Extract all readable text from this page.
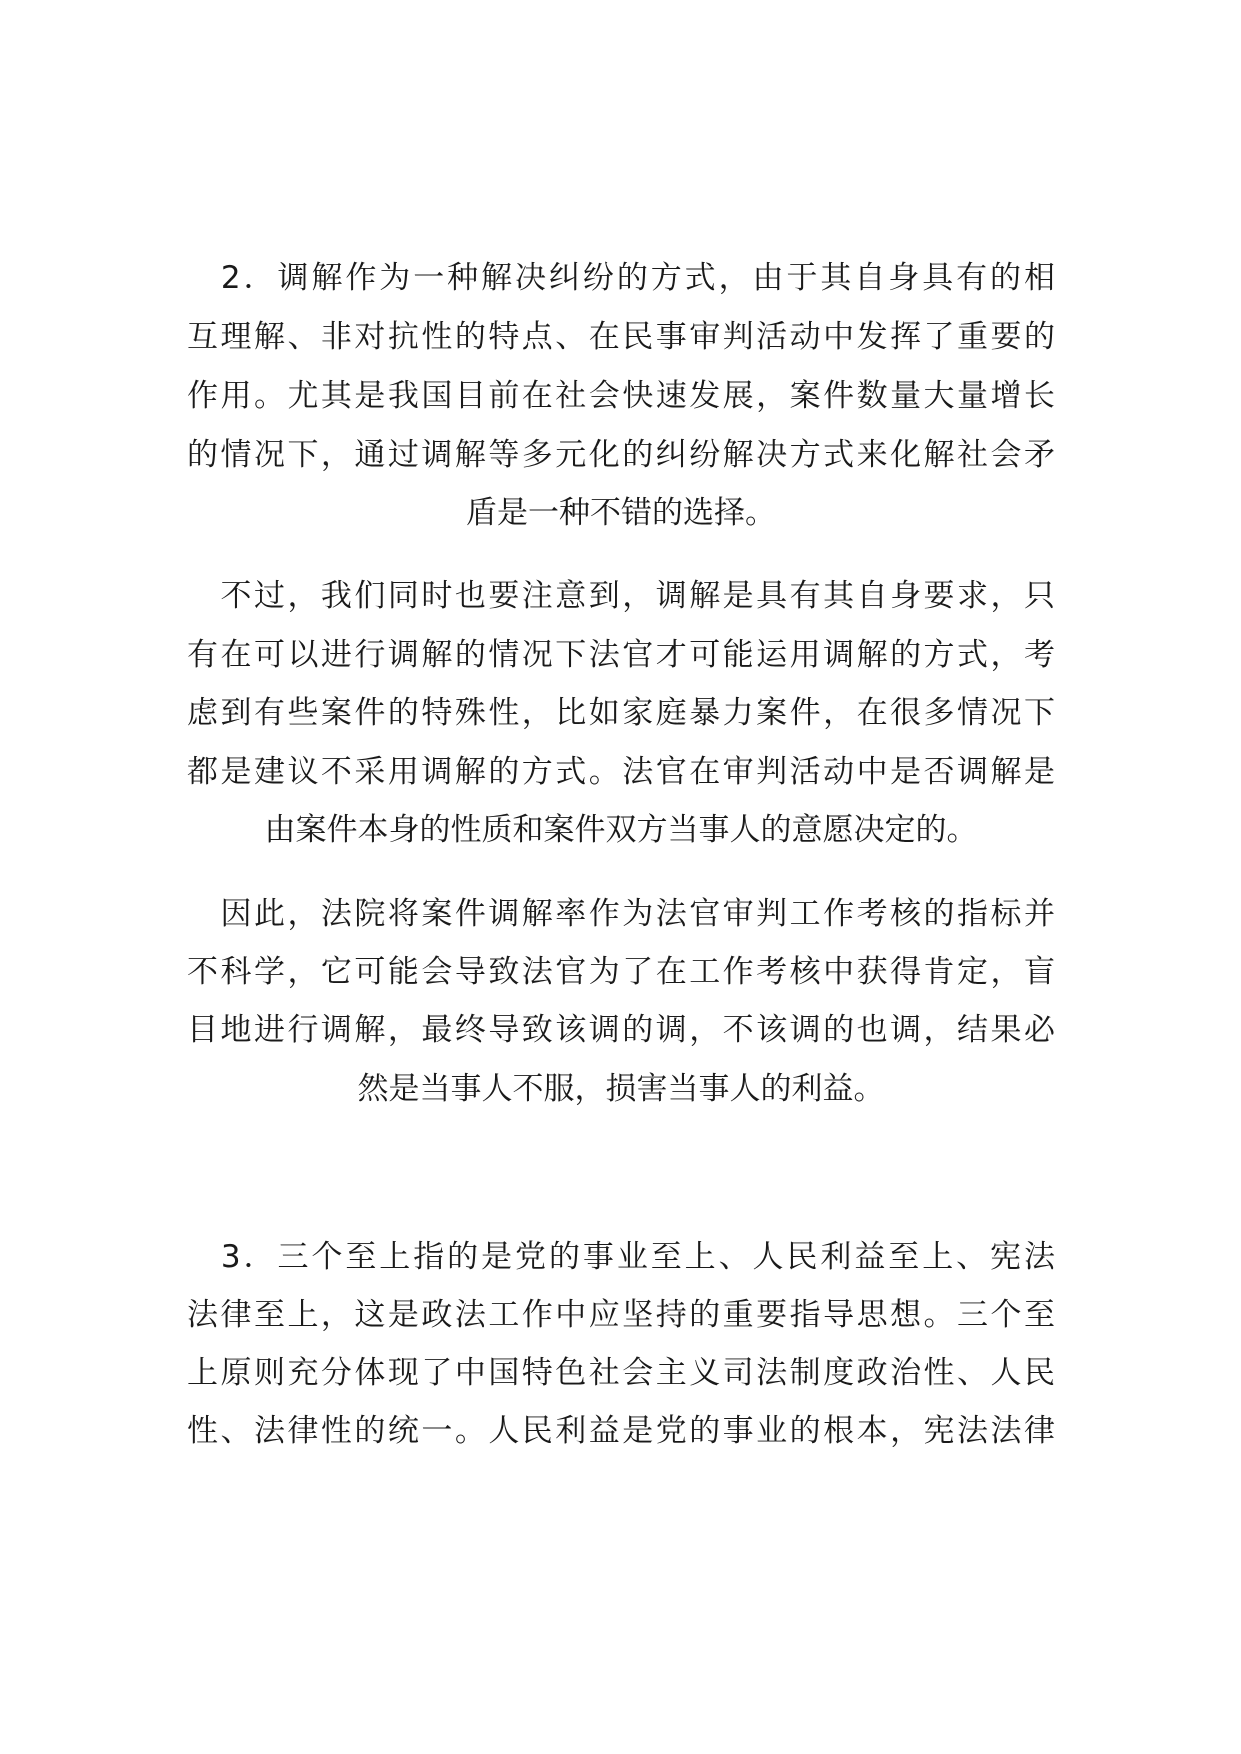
　2．调解作为一种解决纠纷的方式，由于其自身具有的相
互理解、非对抗性的特点、在民事审判活动中发挥了重要的
作用。尤其是我国目前在社会快速发展，案件数量大量增长
的情况下，通过调解等多元化的纠纷解决方式来化解社会矛
盾是一种不错的选择。
　不过，我们同时也要注意到，调解是具有其自身要求，只
有在可以进行调解的情况下法官才可能运用调解的方式，考
虑到有些案件的特殊性，比如家庭暴力案件，在很多情况下
都是建议不采用调解的方式。法官在审判活动中是否调解是
由案件本身的性质和案件双方当事人的意愿决定的。
　因此，法院将案件调解率作为法官审判工作考核的指标并
不科学，它可能会导致法官为了在工作考核中获得肯定，盲
目地进行调解，最终导致该调的调，不该调的也调，结果必
然是当事人不服，损害当事人的利益。
　3．三个至上指的是党的事业至上、人民利益至上、宪法
法律至上，这是政法工作中应坚持的重要指导思想。三个至
上原则充分体现了中国特色社会主义司法制度政治性、人民
性、法律性的统一。人民利益是党的事业的根本，宪法法律
